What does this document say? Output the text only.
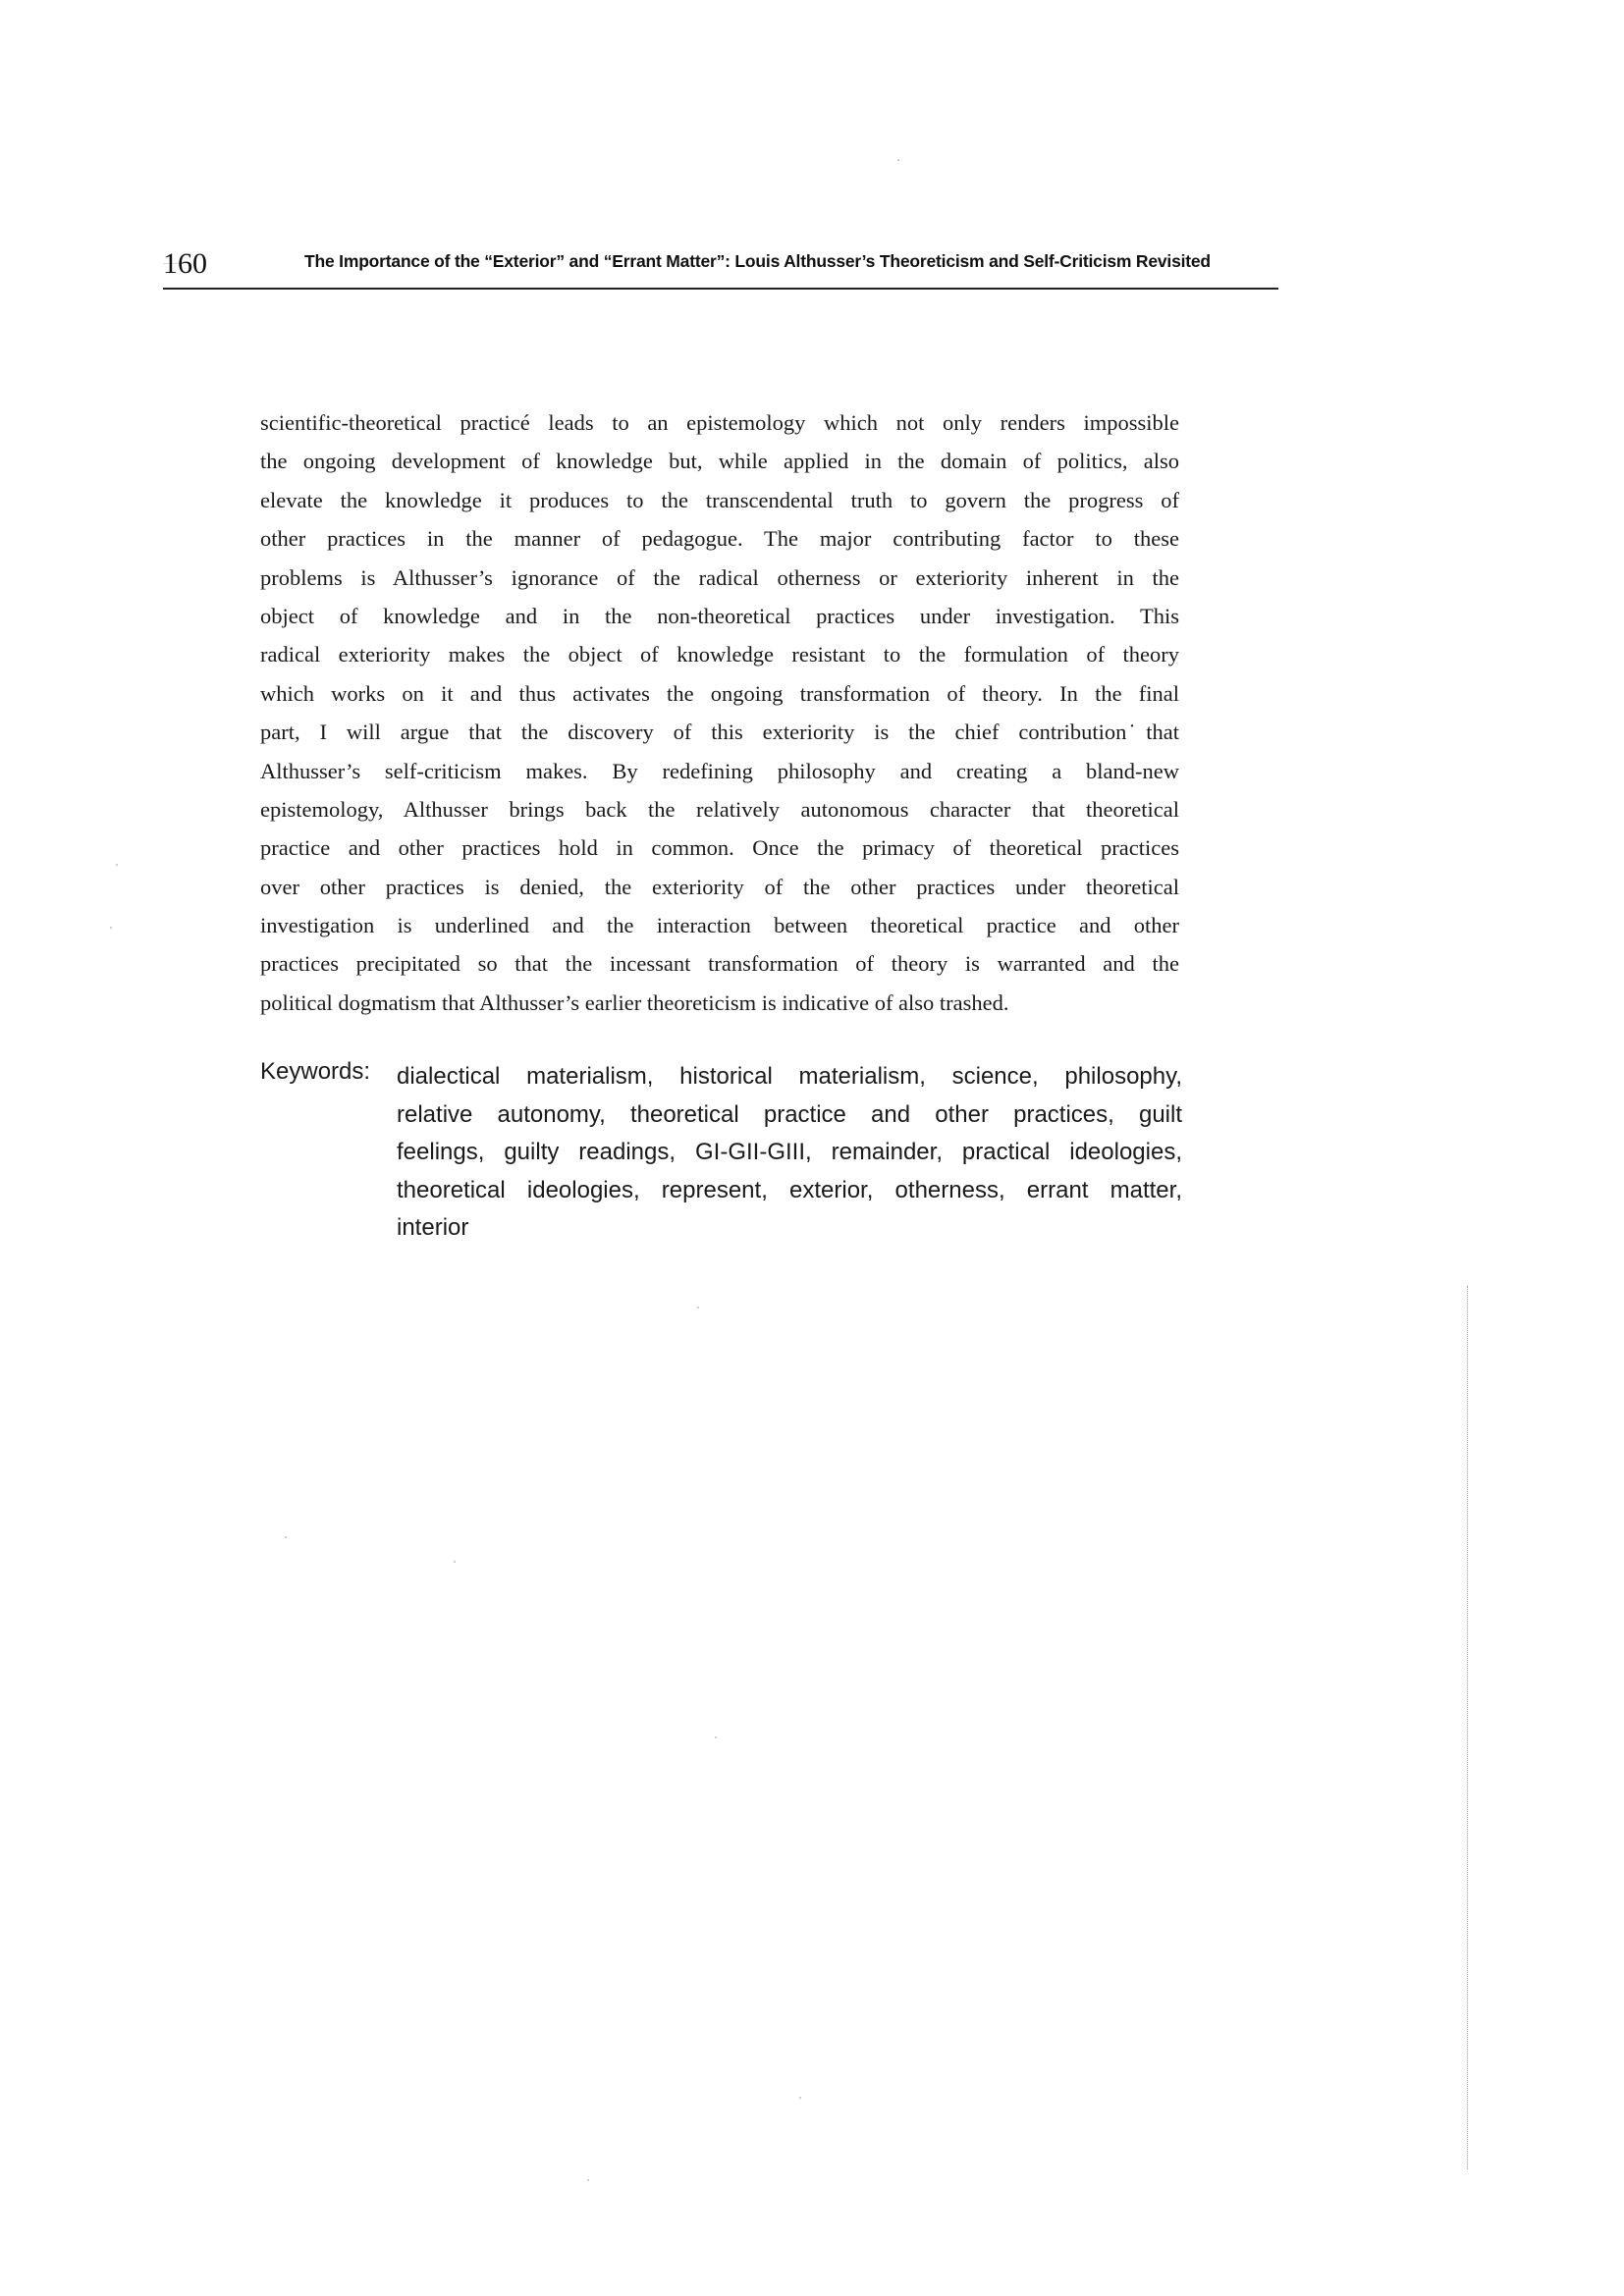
160	The Importance of the “Exterior” and “Errant Matter”: Louis Althusser’s Theoreticism and Self-Criticism Revisited
scientific-theoretical practicé leads to an epistemology which not only renders impossible
the ongoing development of knowledge but, while applied in the domain of politics, also
elevate the knowledge it produces to the transcendental truth to govern the progress of
other practices in the manner of pedagogue. The major contributing factor to these
problems is Althusser’s ignorance of the radical otherness or exteriority inherent in the
object of knowledge and in the non-theoretical practices under investigation. This
radical exteriority makes the object of knowledge resistant to the formulation of theory
which works on it and thus activates the ongoing transformation of theory. In the final
part, I will argue that the discovery of this exteriority is the chief contribution ̇that
Althusser’s self-criticism makes. By redefining philosophy and creating a bland-new
epistemology, Althusser brings back the relatively autonomous character that theoretical
practice and other practices hold in common. Once the primacy of theoretical practices
over other practices is denied, the exteriority of the other practices under theoretical
investigation is underlined and the interaction between theoretical practice and other
practices precipitated so that the incessant transformation of theory is warranted and the
political dogmatism that Althusser’s earlier theoreticism is indicative of also trashed.
Keywords: dialectical materialism, historical materialism, science, philosophy,
relative autonomy, theoretical practice and other practices, guilt
feelings, guilty readings, GI-GII-GIII, remainder, practical ideologies,
theoretical ideologies, represent, exterior, otherness, errant matter,
interior
